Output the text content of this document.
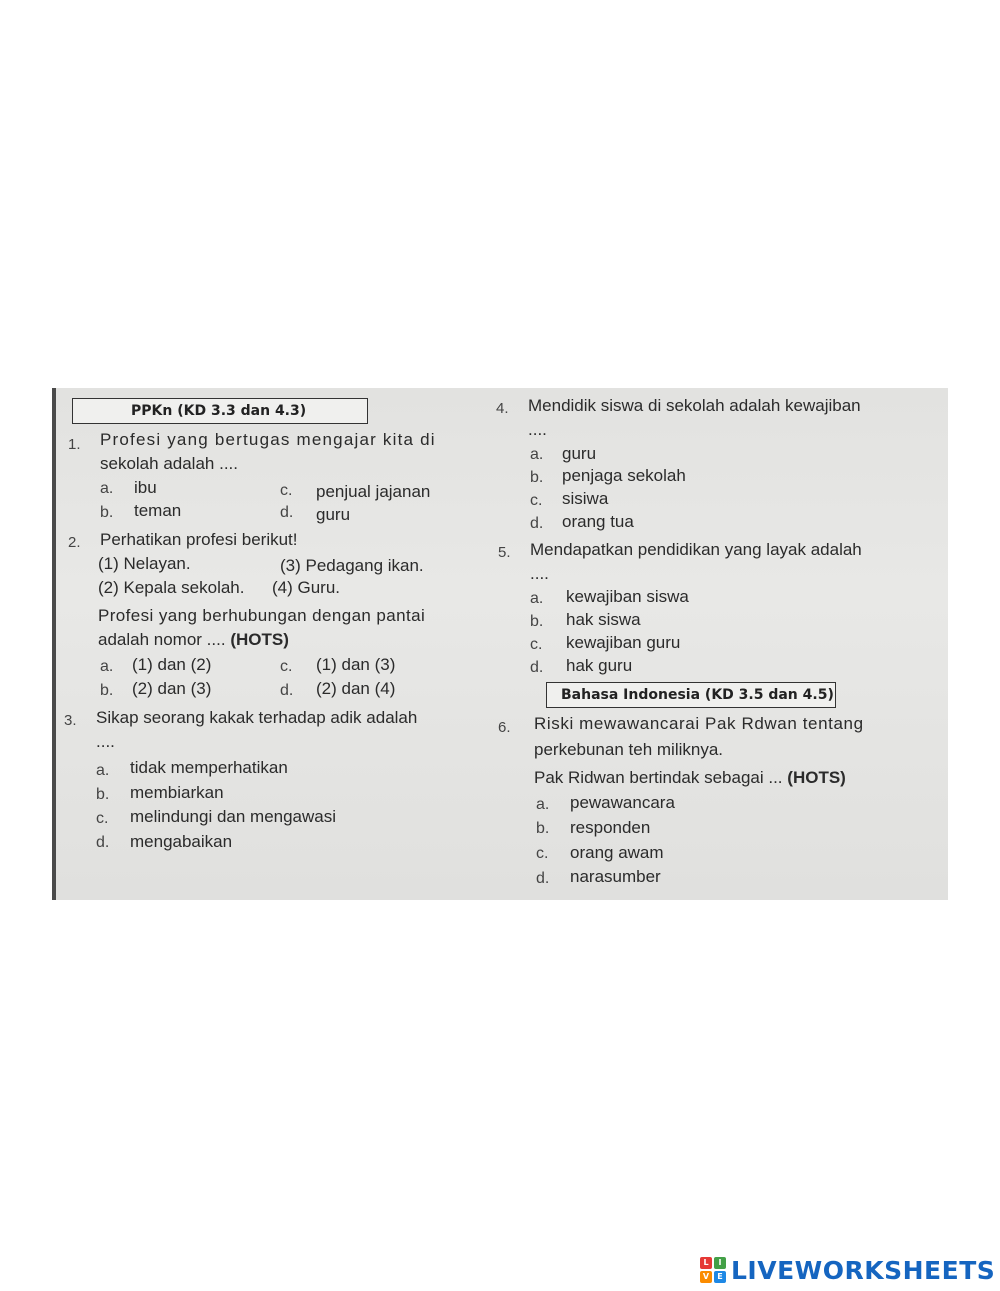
PPKn (KD 3.3 dan 4.3)
1. Profesi yang bertugas mengajar kita di
sekolah adalah ....
a. ibu	c. penjual jajanan
b. teman	d. guru
2. Perhatikan profesi berikut!
(1) Nelayan.	(3) Pedagang ikan.
(2) Kepala sekolah. (4) Guru.
Profesi yang berhubungan dengan pantai
adalah nomor .... (HOTS)
a. (1) dan (2)	c. (1) dan (3)
b. (2) dan (3)	d. (2) dan (4)
3. Sikap seorang kakak terhadap adik adalah
....
a. tidak memperhatikan
b. membiarkan
c. melindungi dan mengawasi
d. mengabaikan
4. Mendidik siswa di sekolah adalah kewajiban
....
a. guru
b. penjaga sekolah
c. sisiwa
d. orang tua
5. Mendapatkan pendidikan yang layak adalah
....
a. kewajiban siswa
b. hak siswa
c. kewajiban guru
d. hak guru
Bahasa Indonesia (KD 3.5 dan 4.5)
6. Riski mewawancarai Pak Rdwan tentang
perkebunan teh miliknya.
Pak Ridwan bertindak sebagai ... (HOTS)
a. pewawancara
b. responden
c. orang awam
d. narasumber
L	I
V	E LIVEWORKSHEETS
